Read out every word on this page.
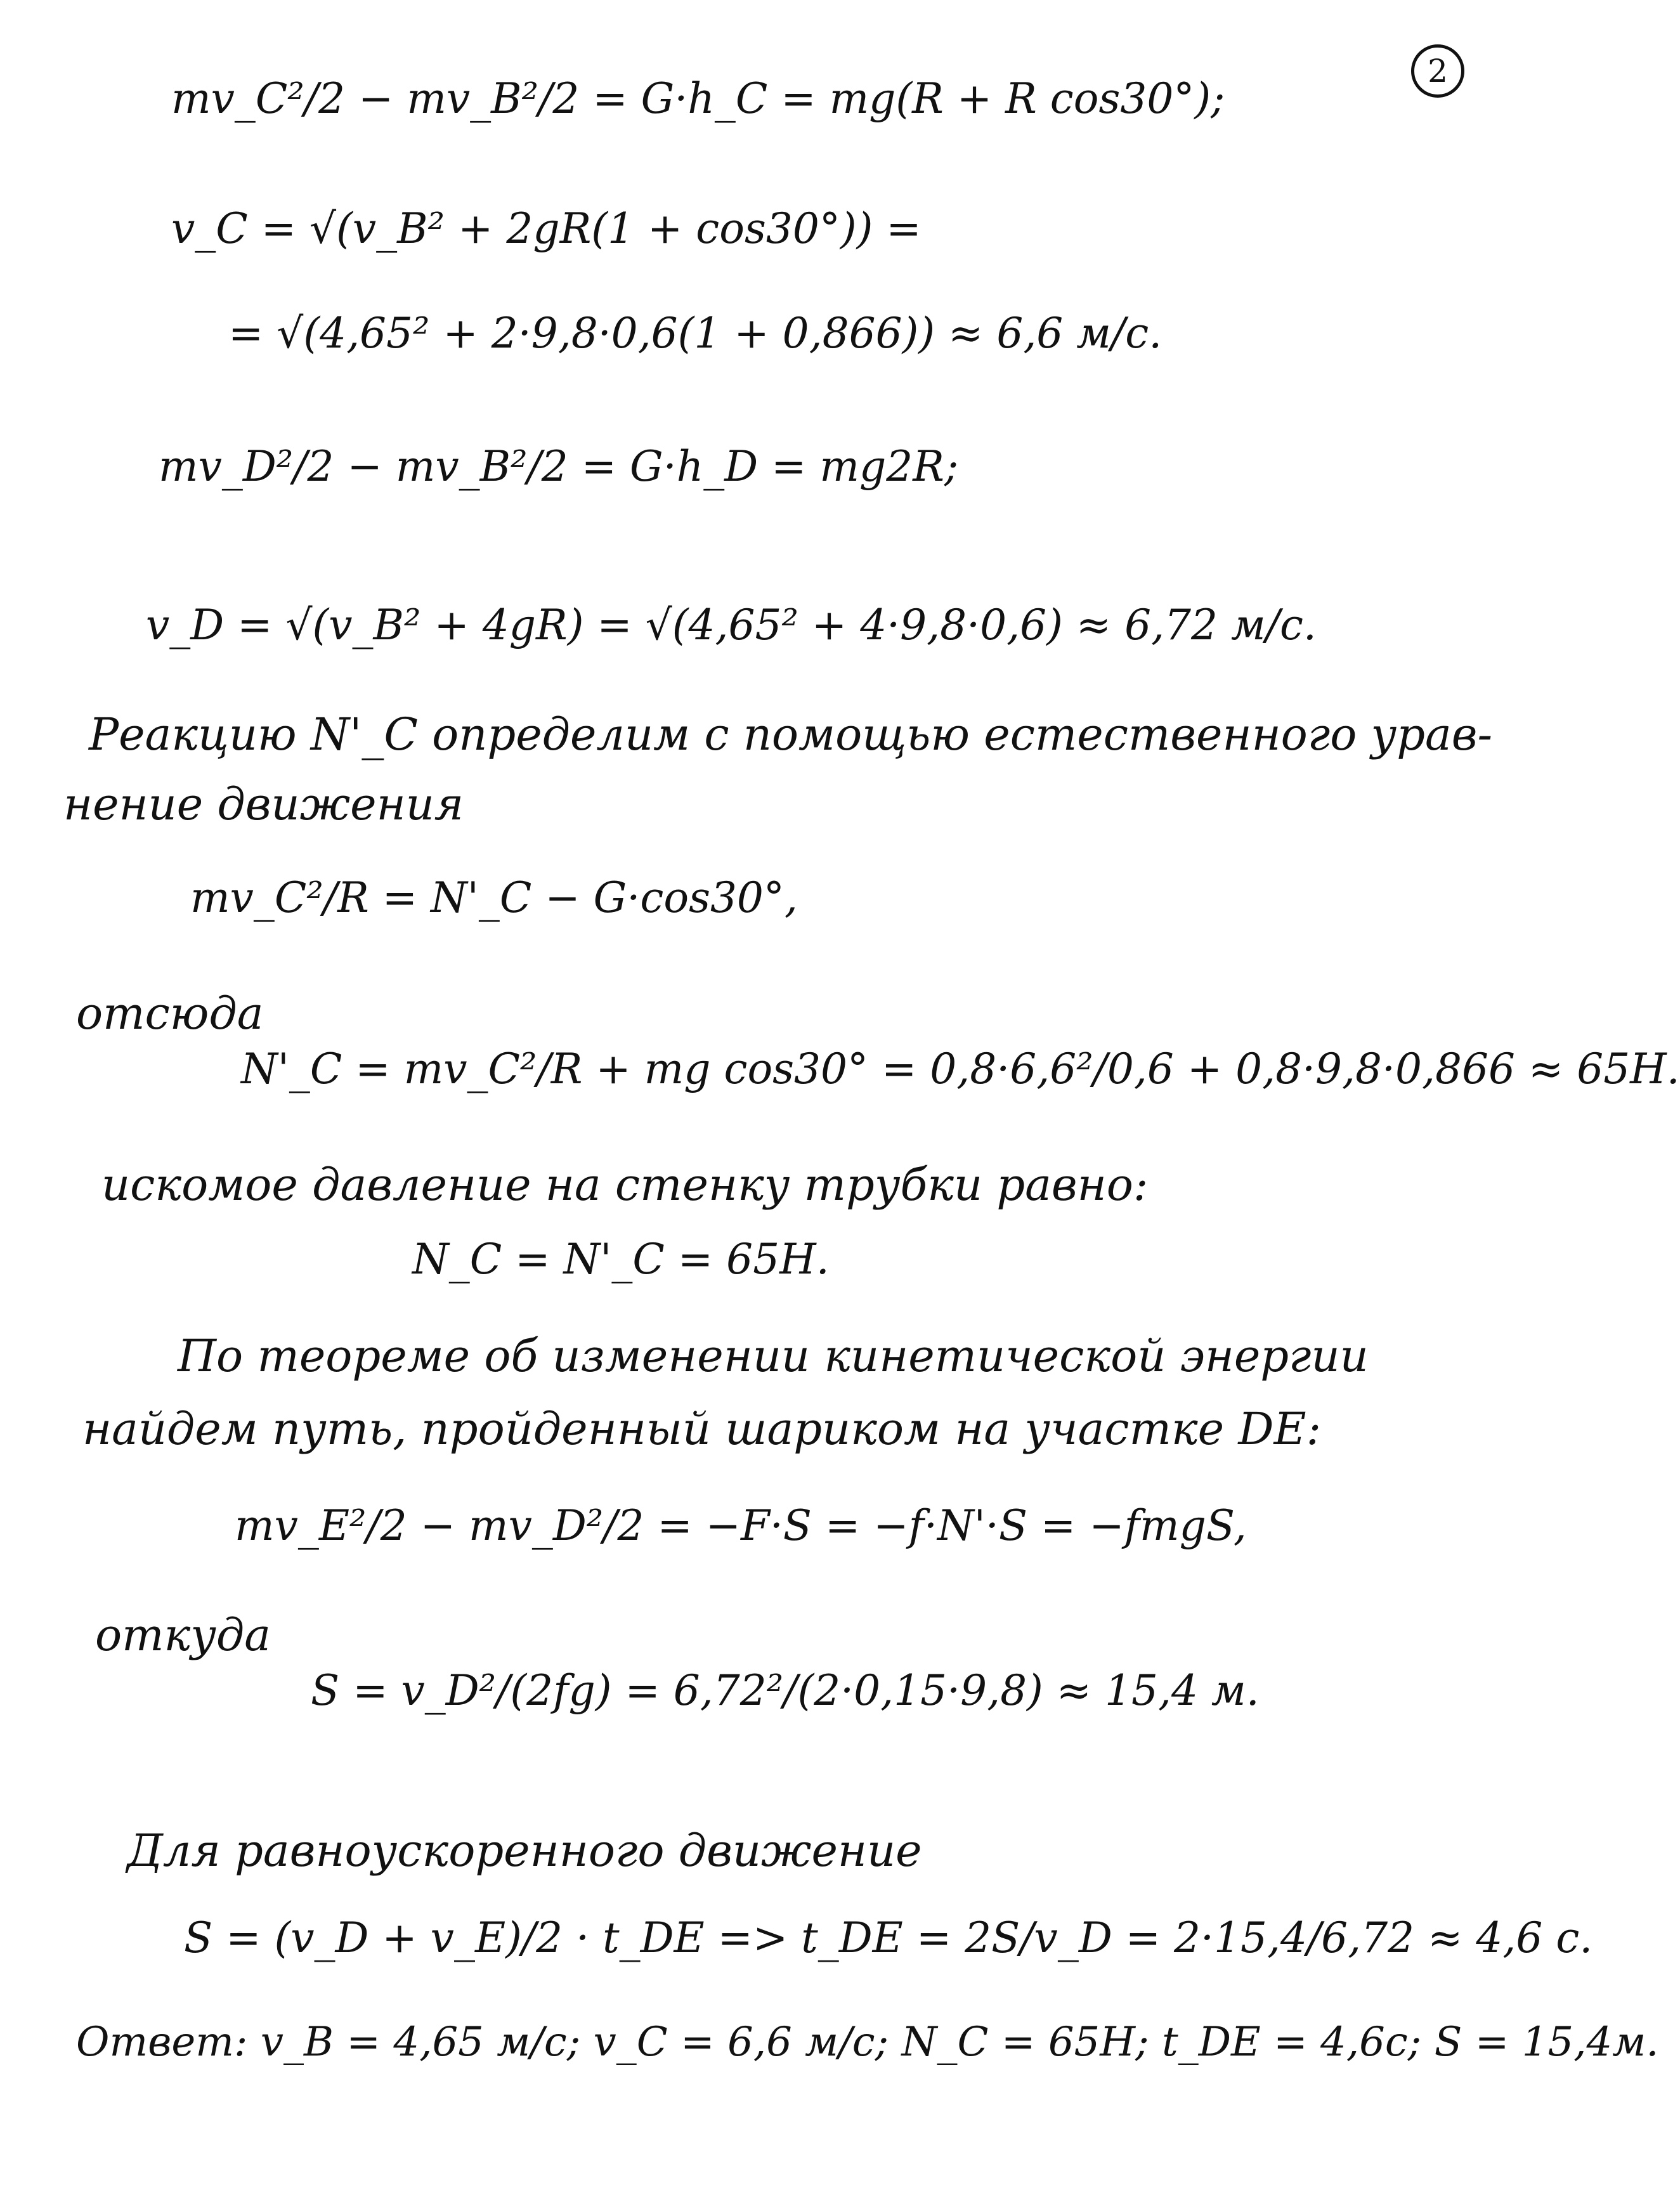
2
mv_C²/2 − mv_B²/2 = G·h_C = mg(R + R cos30°);
v_C = √(v_B² + 2gR(1 + cos30°)) =
= √(4,65² + 2·9,8·0,6(1 + 0,866)) ≈ 6,6 м/с.
mv_D²/2 − mv_B²/2 = G·h_D = mg2R;
v_D = √(v_B² + 4gR) = √(4,65² + 4·9,8·0,6) ≈ 6,72 м/с.
Реакцию N'_C определим с помощью естественного урав-
нение движения
mv_C²/R = N'_C − G·cos30°,
отсюда
N'_C = mv_C²/R + mg cos30° = 0,8·6,6²/0,6 + 0,8·9,8·0,866 ≈ 65Н.
искомое давление на стенку трубки равно:
N_C = N'_C = 65Н.
По теореме об изменении кинетической энергии
найдем путь, пройденный шариком на участке DE:
mv_E²/2 − mv_D²/2 = −F·S = −f·N'·S = −fmgS,
откуда
S = v_D²/(2fg) = 6,72²/(2·0,15·9,8) ≈ 15,4 м.
Для равноускоренного движение
S = (v_D + v_E)/2 · t_DE => t_DE = 2S/v_D = 2·15,4/6,72 ≈ 4,6 с.
Ответ: v_B = 4,65 м/с; v_C = 6,6 м/с; N_C = 65Н; t_DE = 4,6с; S = 15,4м.
